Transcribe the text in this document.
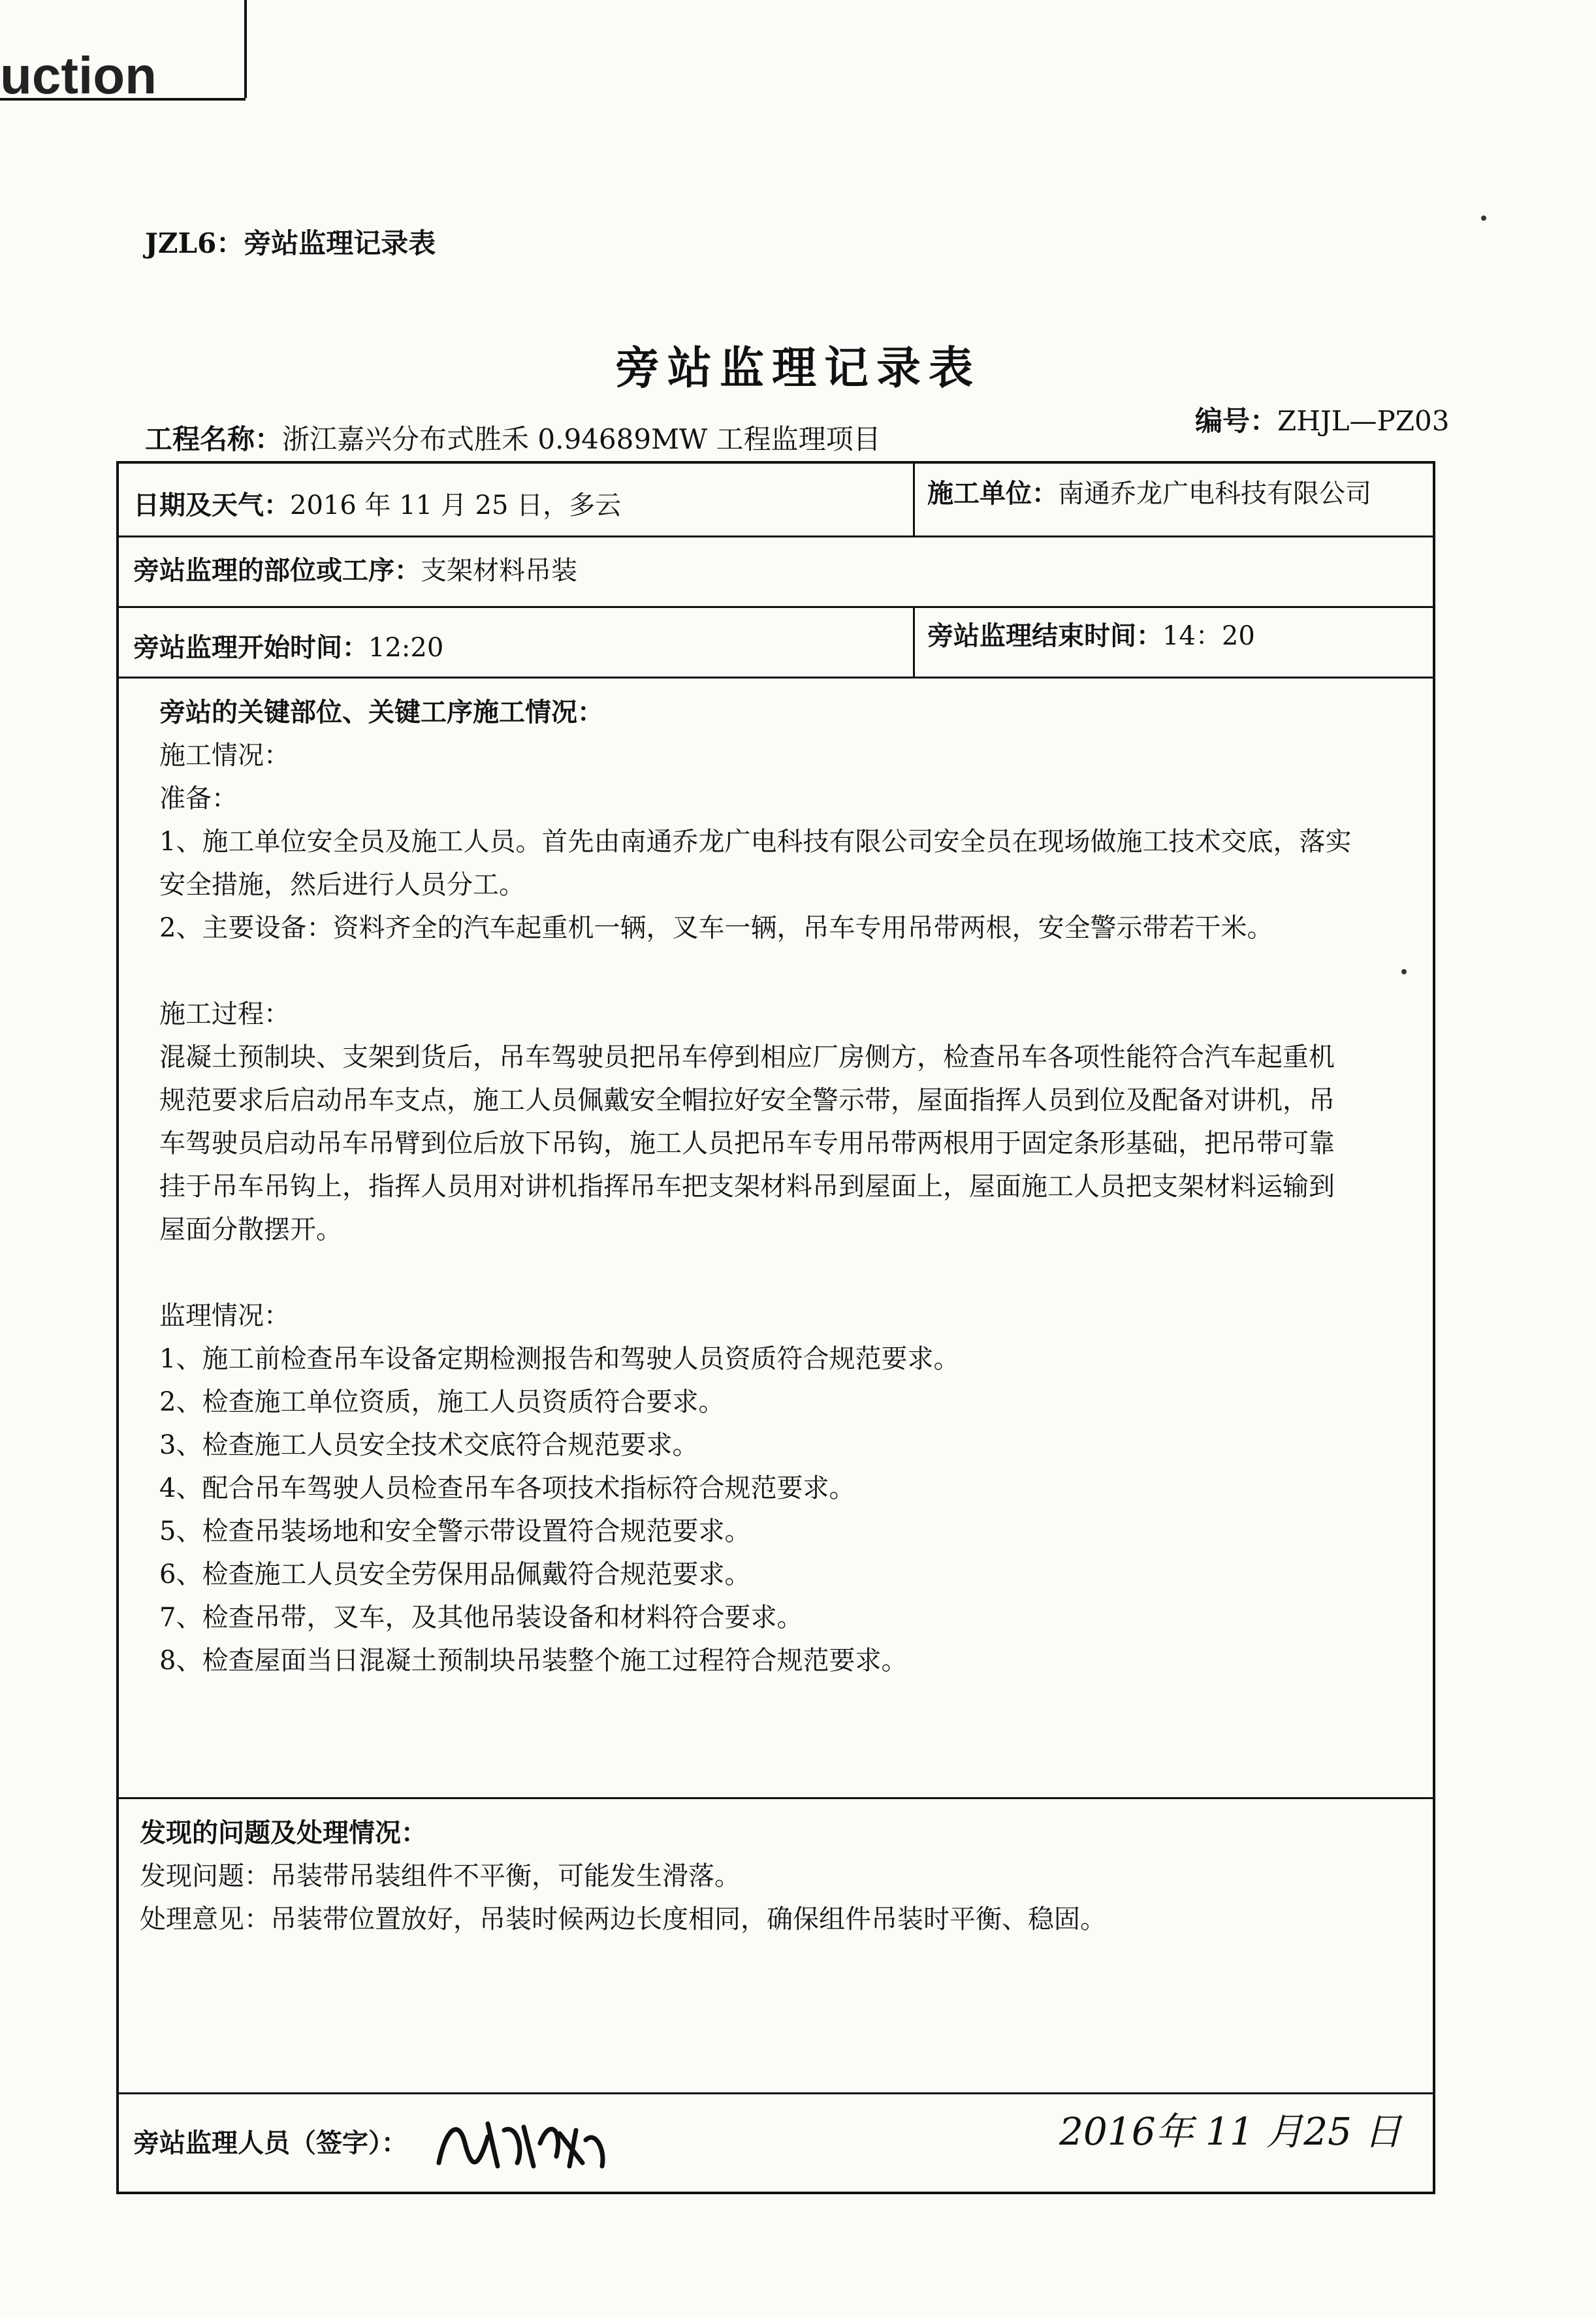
uction
JZL6：旁站监理记录表
旁站监理记录表
工程名称：浙江嘉兴分布式胜禾 0.94689MW 工程监理项目
编号：ZHJL—PZ03
日期及天气：2016 年 11 月 25 日，多云	施工单位：南通乔龙广电科技有限公司
旁站监理的部位或工序：支架材料吊装
旁站监理开始时间：12:20	旁站监理结束时间：14：20

旁站的关键部位、关键工序施工情况：

施工情况：

准备：

1、施工单位安全员及施工人员。首先由南通乔龙广电科技有限公司安全员在现场做施工技术交底，落实

安全措施，然后进行人员分工。

2、主要设备：资料齐全的汽车起重机一辆，叉车一辆，吊车专用吊带两根，安全警示带若干米。

施工过程：

混凝土预制块、支架到货后，吊车驾驶员把吊车停到相应厂房侧方，检查吊车各项性能符合汽车起重机

规范要求后启动吊车支点，施工人员佩戴安全帽拉好安全警示带，屋面指挥人员到位及配备对讲机，吊

车驾驶员启动吊车吊臂到位后放下吊钩，施工人员把吊车专用吊带两根用于固定条形基础，把吊带可靠

挂于吊车吊钩上，指挥人员用对讲机指挥吊车把支架材料吊到屋面上，屋面施工人员把支架材料运输到

屋面分散摆开。

监理情况：

1、施工前检查吊车设备定期检测报告和驾驶人员资质符合规范要求。

2、检查施工单位资质，施工人员资质符合要求。

3、检查施工人员安全技术交底符合规范要求。

4、配合吊车驾驶人员检查吊车各项技术指标符合规范要求。

5、检查吊装场地和安全警示带设置符合规范要求。

6、检查施工人员安全劳保用品佩戴符合规范要求。

7、检查吊带，叉车，及其他吊装设备和材料符合要求。

8、检查屋面当日混凝土预制块吊装整个施工过程符合规范要求。

发现的问题及处理情况：

发现问题：吊装带吊装组件不平衡，可能发生滑落。

处理意见：吊装带位置放好，吊装时候两边长度相同，确保组件吊装时平衡、稳固。

旁站监理人员（签字）：	2016年 11 月25 日
